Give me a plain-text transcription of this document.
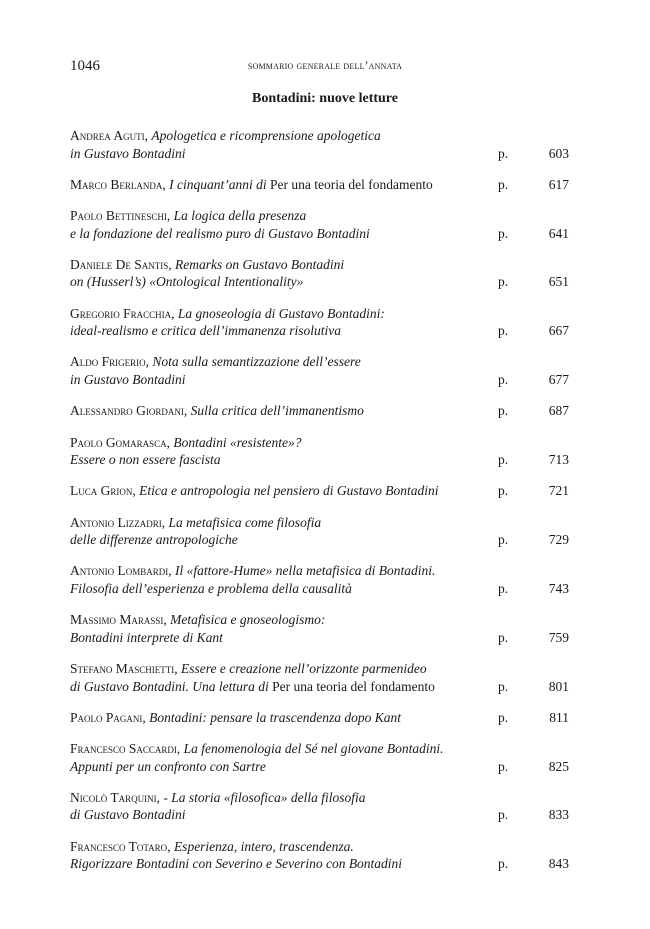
1046	sommario generale dell’annata
Bontadini: nuove letture
Andrea Aguti, Apologetica e ricomprensione apologetica
in Gustavo Bontadini	p.	603
Marco Berlanda, I cinquant’anni di Per una teoria del fondamento	p.	617
Paolo Bettineschi, La logica della presenza
e la fondazione del realismo puro di Gustavo Bontadini	p.	641
Daniele De Santis, Remarks on Gustavo Bontadini
on (Husserl’s) «Ontological Intentionality»	p.	651
Gregorio Fracchia, La gnoseologia di Gustavo Bontadini:
ideal-realismo e critica dell’immanenza risolutiva	p.	667
Aldo Frigerio, Nota sulla semantizzazione dell’essere
in Gustavo Bontadini	p.	677
Alessandro Giordani, Sulla critica dell’immanentismo	p.	687
Paolo Gomarasca, Bontadini «resistente»?
Essere o non essere fascista	p.	713
Luca Grion, Etica e antropologia nel pensiero di Gustavo Bontadini	p.	721
Antonio Lizzadri, La metafisica come filosofia
delle differenze antropologiche	p.	729
Antonio Lombardi, Il «fattore-Hume» nella metafisica di Bontadini.
Filosofia dell’esperienza e problema della causalità	p.	743
Massimo Marassi, Metafisica e gnoseologismo:
Bontadini interprete di Kant	p.	759
Stefano Maschietti, Essere e creazione nell’orizzonte parmenideo
di Gustavo Bontadini. Una lettura di Per una teoria del fondamento	p.	801
Paolo Pagani, Bontadini: pensare la trascendenza dopo Kant	p.	811
Francesco Saccardi, La fenomenologia del Sé nel giovane Bontadini.
Appunti per un confronto con Sartre	p.	825
Nicolò Tarquini, - La storia «filosofica» della filosofia
di Gustavo Bontadini	p.	833
Francesco Totaro, Esperienza, intero, trascendenza.
Rigorizzare Bontadini con Severino e Severino con Bontadini	p.	843
